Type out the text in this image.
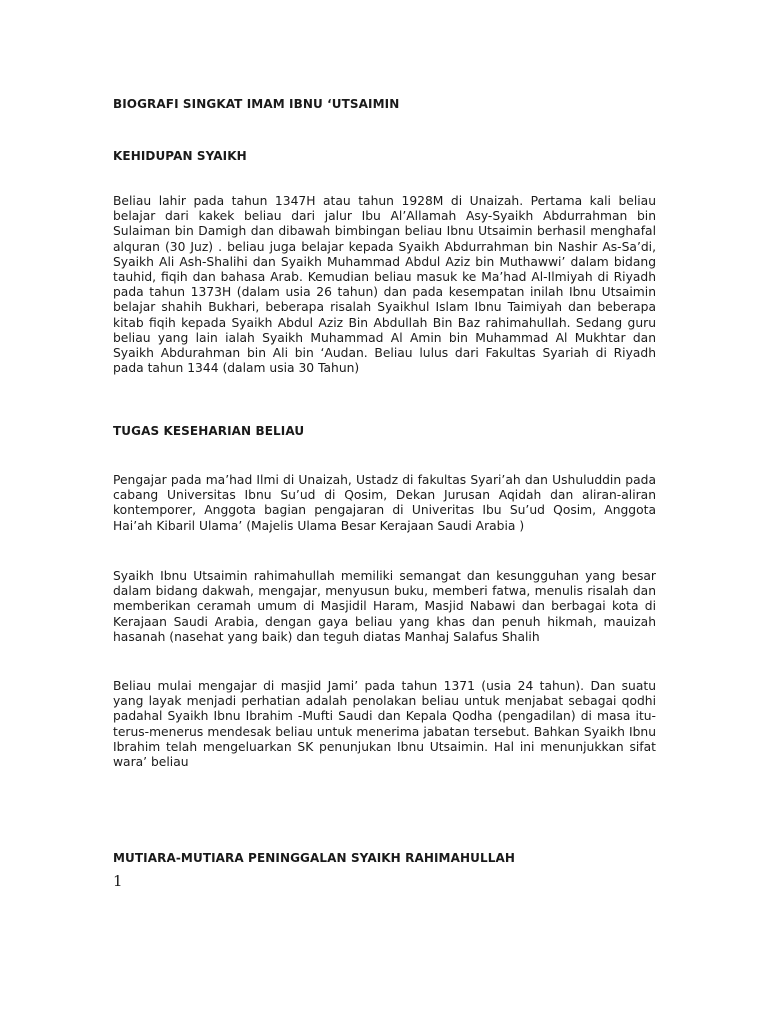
BIOGRAFI SINGKAT IMAM IBNU ‘UTSAIMIN
KEHIDUPAN SYAIKH
Beliau lahir pada tahun 1347H atau tahun 1928M di Unaizah. Pertama kali beliau belajar dari kakek beliau dari jalur Ibu Al’Allamah Asy-Syaikh Abdurrahman bin Sulaiman bin Damigh dan dibawah bimbingan beliau Ibnu Utsaimin berhasil menghafal alquran (30 Juz) . beliau juga belajar kepada Syaikh Abdurrahman bin Nashir As-Sa’di, Syaikh Ali Ash-Shalihi dan Syaikh Muhammad Abdul Aziz bin Muthawwi’ dalam bidang tauhid, fiqih dan bahasa Arab. Kemudian beliau masuk ke Ma’had Al-Ilmiyah di Riyadh pada tahun 1373H (dalam usia 26 tahun) dan pada kesempatan inilah Ibnu Utsaimin belajar shahih Bukhari, beberapa risalah Syaikhul Islam Ibnu Taimiyah dan beberapa kitab fiqih kepada Syaikh Abdul Aziz Bin Abdullah Bin Baz rahimahullah. Sedang guru beliau yang lain ialah Syaikh Muhammad Al Amin bin Muhammad Al Mukhtar dan Syaikh Abdurahman bin Ali bin ‘Audan. Beliau lulus dari Fakultas Syariah di Riyadh pada tahun 1344 (dalam usia 30 Tahun)
TUGAS KESEHARIAN BELIAU
Pengajar pada ma’had Ilmi di Unaizah, Ustadz di fakultas Syari’ah dan Ushuluddin pada cabang Universitas Ibnu Su’ud di Qosim, Dekan Jurusan Aqidah dan aliran-aliran kontemporer, Anggota bagian pengajaran di Univeritas Ibu Su’ud Qosim, Anggota Hai’ah Kibaril Ulama’ (Majelis Ulama Besar Kerajaan Saudi Arabia )
Syaikh Ibnu Utsaimin rahimahullah memiliki semangat dan kesungguhan yang besar dalam bidang dakwah, mengajar, menyusun buku, memberi fatwa, menulis risalah dan memberikan ceramah umum di Masjidil Haram, Masjid Nabawi dan berbagai kota di Kerajaan Saudi Arabia, dengan gaya beliau yang khas dan penuh hikmah, mauizah hasanah (nasehat yang baik) dan teguh diatas Manhaj Salafus Shalih
Beliau mulai mengajar di masjid Jami’ pada tahun 1371 (usia 24 tahun). Dan suatu yang layak menjadi perhatian adalah penolakan beliau untuk menjabat sebagai qodhi padahal Syaikh Ibnu Ibrahim -Mufti Saudi dan Kepala Qodha (pengadilan) di masa itu-terus-menerus mendesak beliau untuk menerima jabatan tersebut. Bahkan Syaikh Ibnu Ibrahim telah mengeluarkan SK penunjukan Ibnu Utsaimin. Hal ini menunjukkan sifat wara’ beliau
MUTIARA-MUTIARA PENINGGALAN SYAIKH RAHIMAHULLAH
1
